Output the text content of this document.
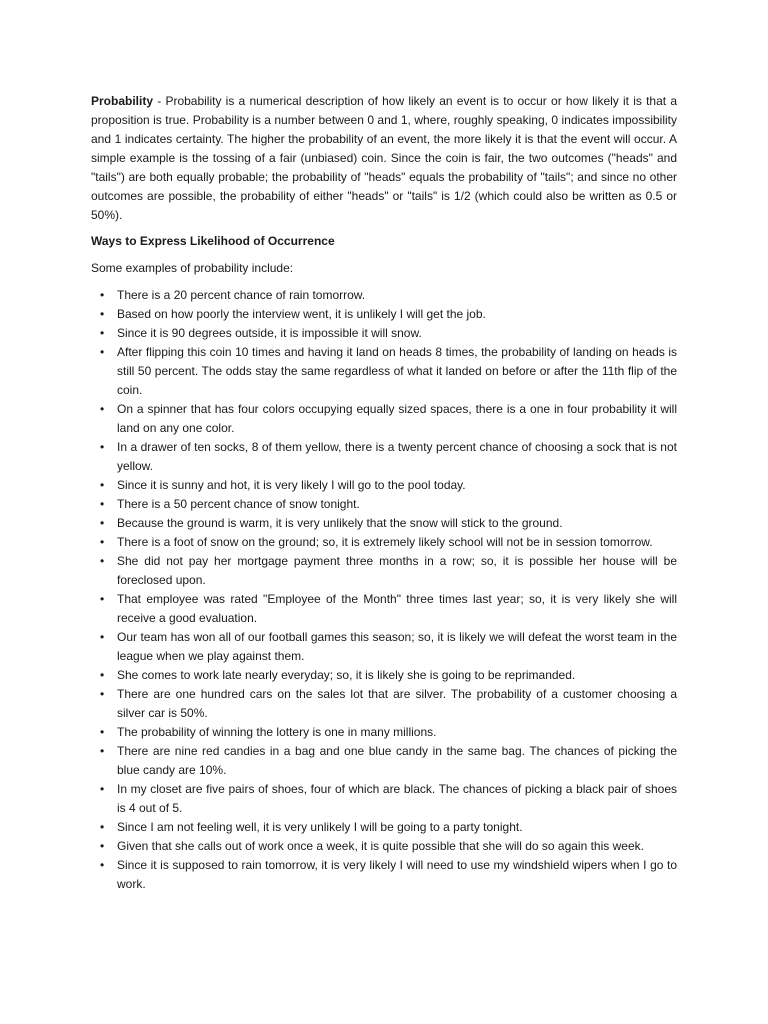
Probability - Probability is a numerical description of how likely an event is to occur or how likely it is that a proposition is true. Probability is a number between 0 and 1, where, roughly speaking, 0 indicates impossibility and 1 indicates certainty. The higher the probability of an event, the more likely it is that the event will occur. A simple example is the tossing of a fair (unbiased) coin. Since the coin is fair, the two outcomes ("heads" and "tails") are both equally probable; the probability of "heads" equals the probability of "tails"; and since no other outcomes are possible, the probability of either "heads" or "tails" is 1/2 (which could also be written as 0.5 or 50%).

Ways to Express Likelihood of Occurrence

Some examples of probability include:

• There is a 20 percent chance of rain tomorrow.
• Based on how poorly the interview went, it is unlikely I will get the job.
• Since it is 90 degrees outside, it is impossible it will snow.
• After flipping this coin 10 times and having it land on heads 8 times, the probability of landing on heads is still 50 percent. The odds stay the same regardless of what it landed on before or after the 11th flip of the coin.
• On a spinner that has four colors occupying equally sized spaces, there is a one in four probability it will land on any one color.
• In a drawer of ten socks, 8 of them yellow, there is a twenty percent chance of choosing a sock that is not yellow.
• Since it is sunny and hot, it is very likely I will go to the pool today.
• There is a 50 percent chance of snow tonight.
• Because the ground is warm, it is very unlikely that the snow will stick to the ground.
• There is a foot of snow on the ground; so, it is extremely likely school will not be in session tomorrow.
• She did not pay her mortgage payment three months in a row; so, it is possible her house will be foreclosed upon.
• That employee was rated "Employee of the Month" three times last year; so, it is very likely she will receive a good evaluation.
• Our team has won all of our football games this season; so, it is likely we will defeat the worst team in the league when we play against them.
• She comes to work late nearly everyday; so, it is likely she is going to be reprimanded.
• There are one hundred cars on the sales lot that are silver. The probability of a customer choosing a silver car is 50%.
• The probability of winning the lottery is one in many millions.
• There are nine red candies in a bag and one blue candy in the same bag. The chances of picking the blue candy are 10%.
• In my closet are five pairs of shoes, four of which are black. The chances of picking a black pair of shoes is 4 out of 5.
• Since I am not feeling well, it is very unlikely I will be going to a party tonight.
• Given that she calls out of work once a week, it is quite possible that she will do so again this week.
• Since it is supposed to rain tomorrow, it is very likely I will need to use my windshield wipers when I go to work.
